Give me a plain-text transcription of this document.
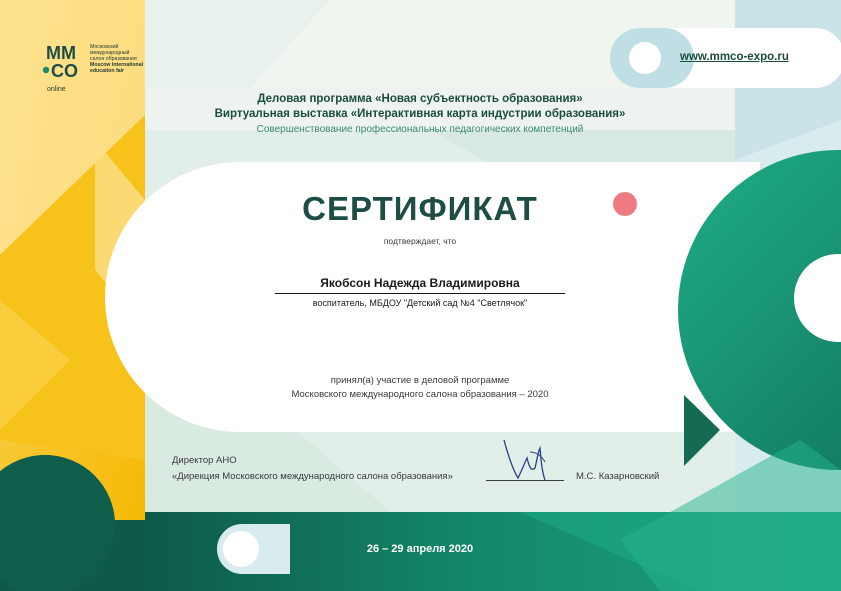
MM
CO
Московский
международный
салон образования
Moscow International
education fair
online
www.mmco-expo.ru
Деловая программа «Новая субъектность образования»
Виртуальная выставка «Интерактивная карта индустрии образования»
Совершенствование профессиональных педагогических компетенций
СЕРТИФИКАТ
подтверждает, что
Якобсон Надежда Владимировна
воспитатель, МБДОУ "Детский сад №4 "Светлячок"
принял(а) участие в деловой программе
Московского международного салона образования – 2020
Директор АНО
«Дирекция Московского международного салона образования»	М.С. Казарновский
26 – 29 апреля 2020
